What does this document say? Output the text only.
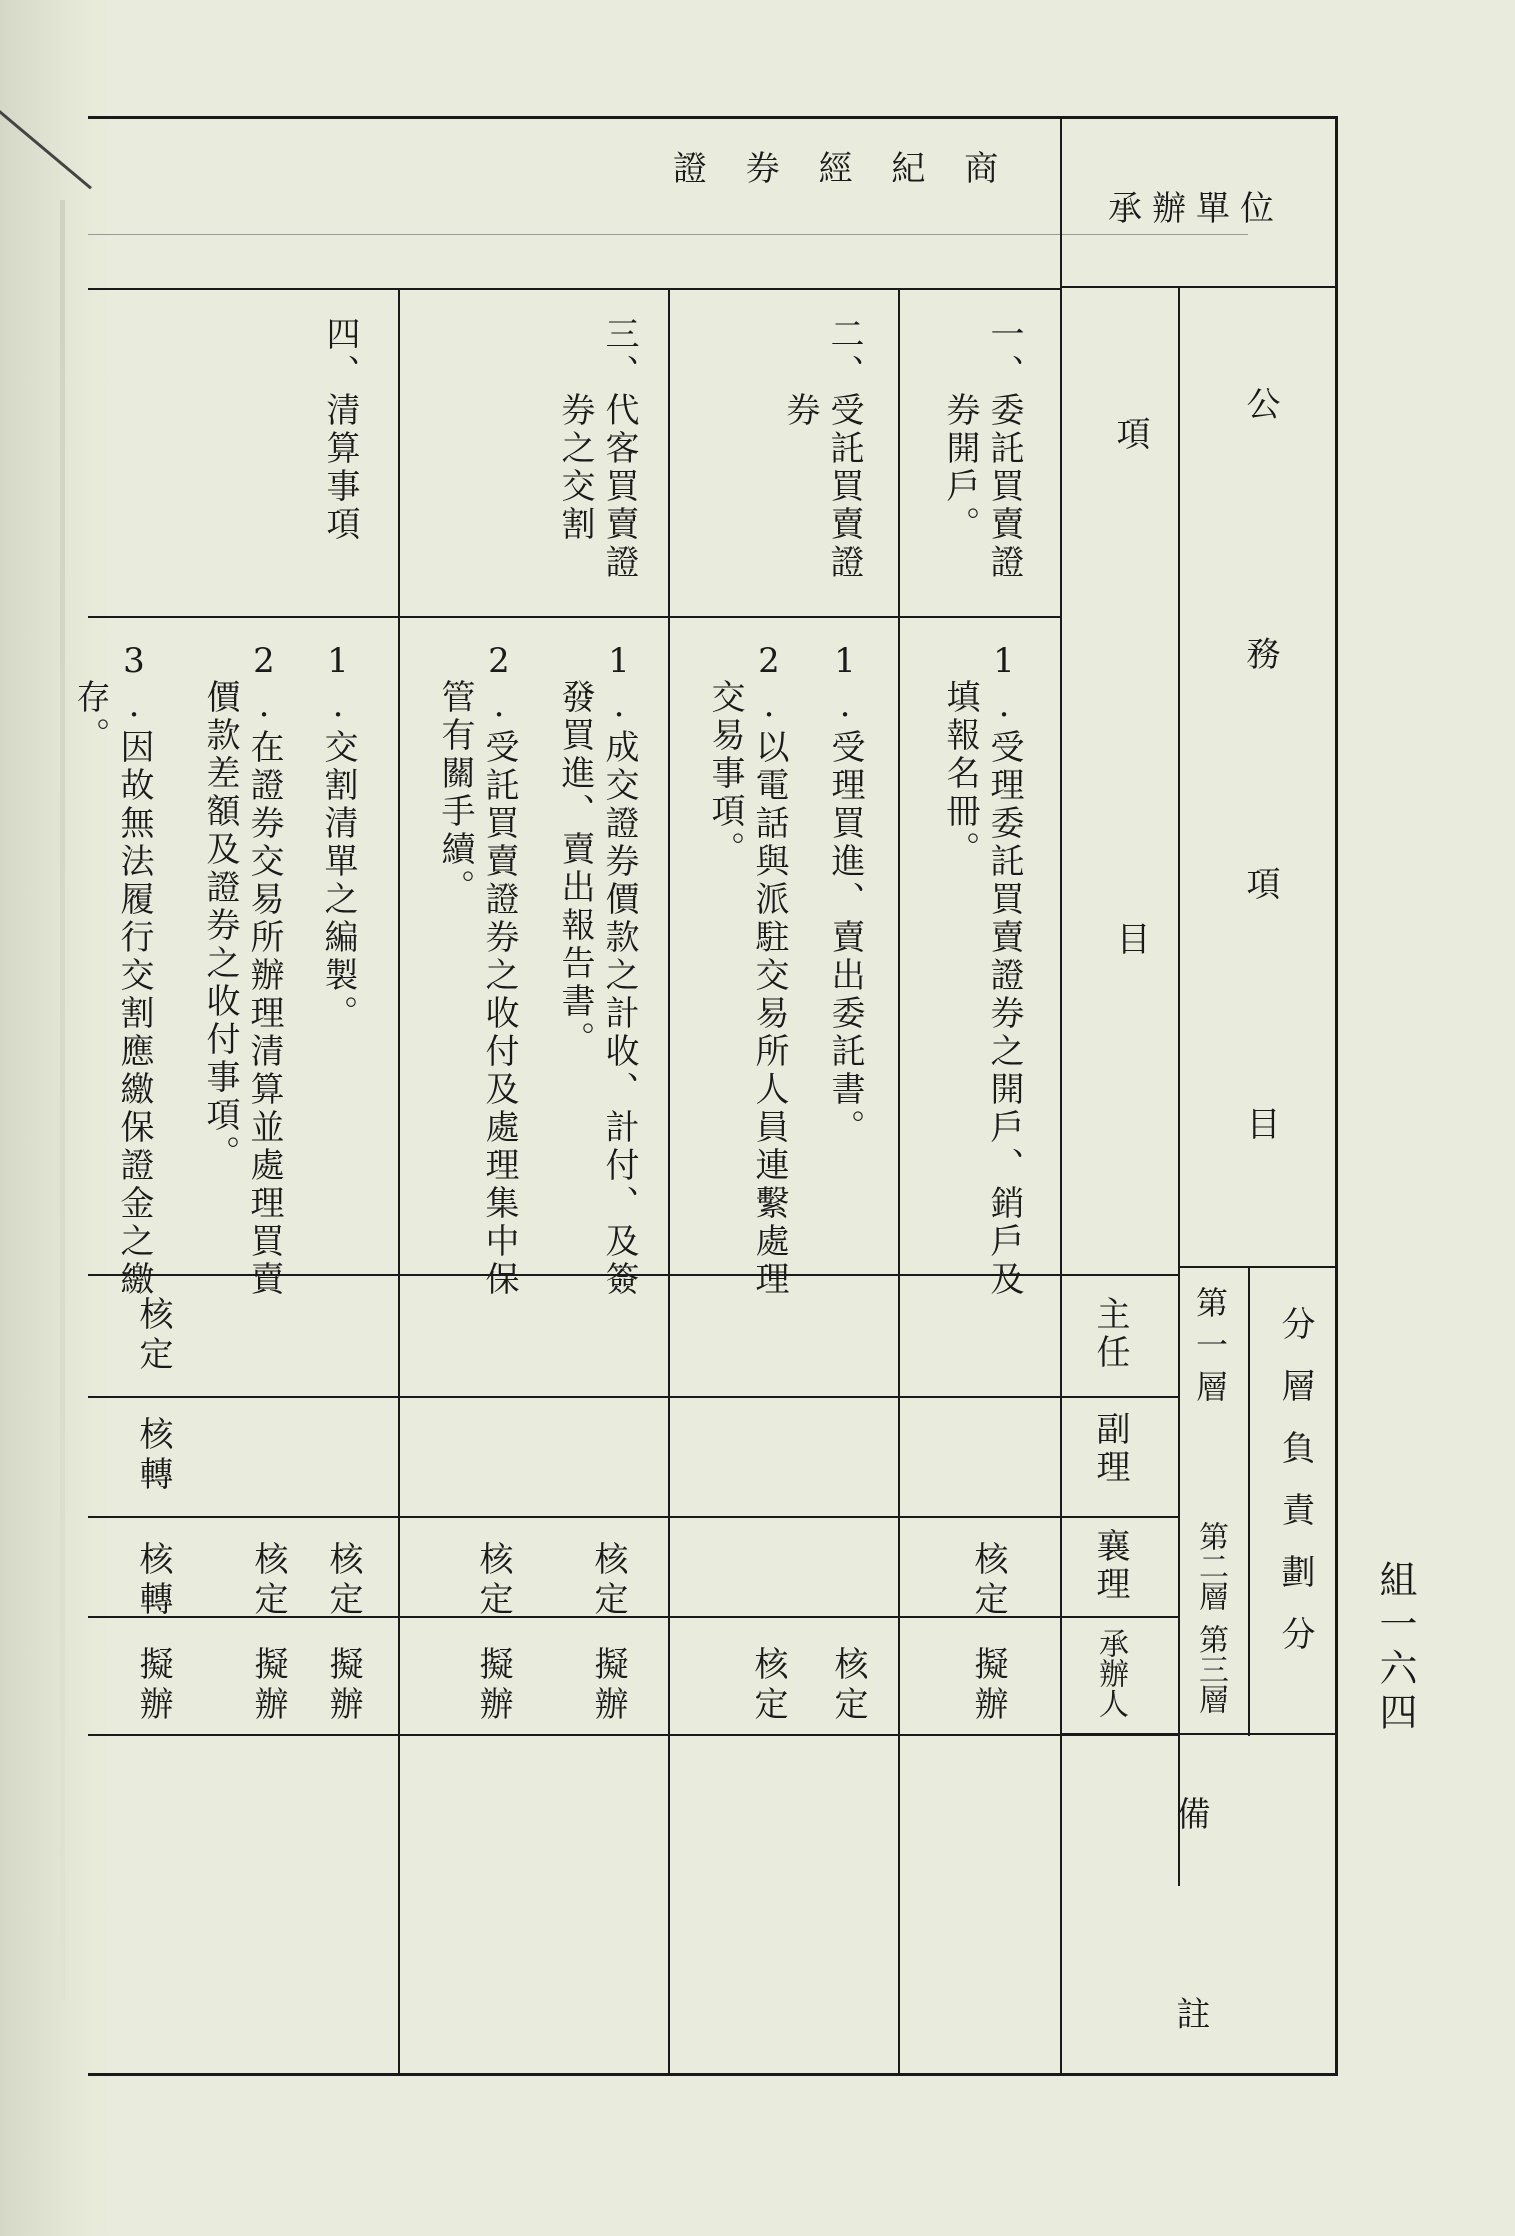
證 券 經 紀 商
承辦單位
公
務
項
目
項
目
分層負責劃分
第一層
第二層
第三層
主任
副理
襄理
承辦人
備
註
一、委託買賣證
　　券開戶。
1.受理委託買賣證券之開戶、銷戶及
　填報名冊。
核定
擬辦
二、受託買賣證
　　券
1.受理買進、賣出委託書。
2.以電話與派駐交易所人員連繫處理
　交易事項。
核定
核定
三、代客買賣證
　　券之交割
1.成交證券價款之計收、計付、及簽
　發買進、賣出報告書。
2.受託買賣證券之收付及處理集中保
　管有關手續。
核定
擬辦
核定
擬辦
四、清算事項
1.交割清單之編製。
2.在證券交易所辦理清算並處理買賣
　價款差額及證券之收付事項。
3.因故無法履行交割應繳保證金之繳
　存。
核定
擬辦
核定
擬辦
核定
核轉
核轉
擬辦	組一六四
